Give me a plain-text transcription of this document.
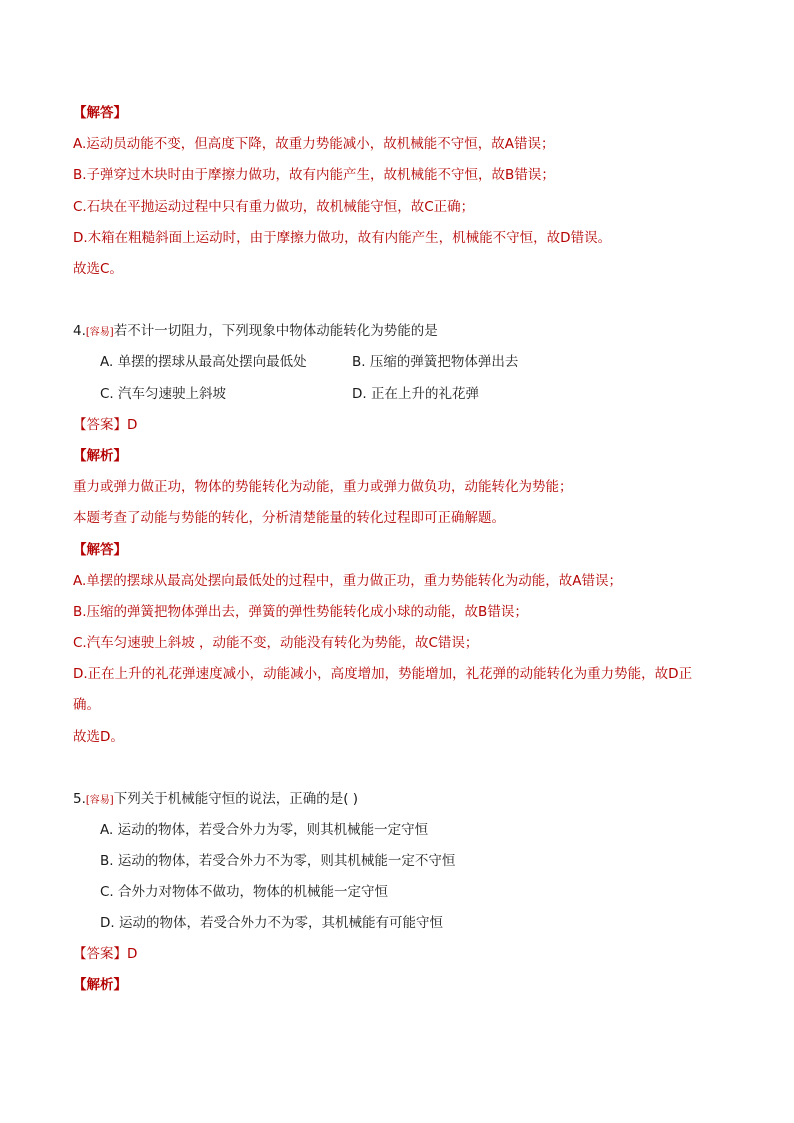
【解答】
A.运动员动能不变，但高度下降，故重力势能减小，故机械能不守恒，故A错误；
B.子弹穿过木块时由于摩擦力做功，故有内能产生，故机械能不守恒，故B错误；
C.石块在平抛运动过程中只有重力做功，故机械能守恒，故C正确；
D.木箱在粗糙斜面上运动时，由于摩擦力做功，故有内能产生，机械能不守恒，故D错误。
故选C。
4.[容易]若不计一切阻力，下列现象中物体动能转化为势能的是
A. 单摆的摆球从最高处摆向最低处	B. 压缩的弹簧把物体弹出去
C. 汽车匀速驶上斜坡	D. 正在上升的礼花弹
【答案】D
【解析】
重力或弹力做正功，物体的势能转化为动能，重力或弹力做负功，动能转化为势能；
本题考查了动能与势能的转化，分析清楚能量的转化过程即可正确解题。
【解答】
A.单摆的摆球从最高处摆向最低处的过程中，重力做正功，重力势能转化为动能，故A错误；
B.压缩的弹簧把物体弹出去，弹簧的弹性势能转化成小球的动能，故B错误；
C.汽车匀速驶上斜坡 ，动能不变，动能没有转化为势能，故C错误；
D.正在上升的礼花弹速度减小，动能减小，高度增加，势能增加，礼花弹的动能转化为重力势能，故D正
确。
故选D。
5.[容易]下列关于机械能守恒的说法，正确的是( )
A. 运动的物体，若受合外力为零，则其机械能一定守恒
B. 运动的物体，若受合外力不为零，则其机械能一定不守恒
C. 合外力对物体不做功，物体的机械能一定守恒
D. 运动的物体，若受合外力不为零，其机械能有可能守恒
【答案】D
【解析】
